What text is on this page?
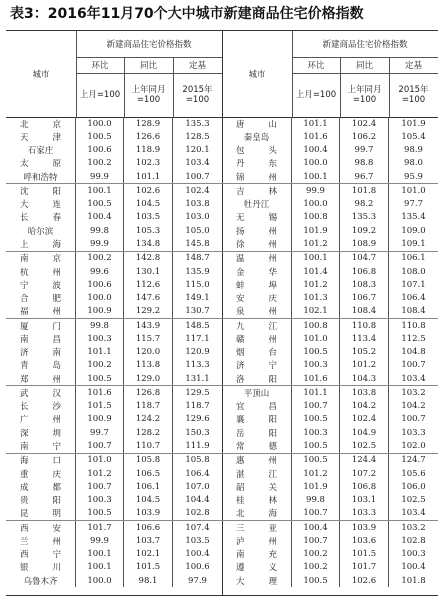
表3：2016年11月70个大中城市新建商品住宅价格指数
城市
新建商品住宅价格指数
环比	同比	定基
上月=100	上年同月=100
2015年=100
城市
新建商品住宅价格指数
环比	同比	定基
上月=100	上年同月=100
2015年=100
北	京	100.0	128.9	135.3
天	津	100.5	126.6	128.5
石家庄	100.6	118.9	120.1
太	原	100.2	102.3	103.4
呼和浩特	99.9	101.1	100.7
沈	阳	100.1	102.6	102.4
大	连	100.5	104.5	103.8
长	春	100.4	103.5	103.0
哈尔滨	99.8	105.3	105.0
上	海	99.9	134.8	145.8
南	京	100.2	142.8	148.7
杭	州	99.6	130.1	135.9
宁	波	100.6	112.6	115.0
合	肥	100.0	147.6	149.1
福	州	100.9	129.2	130.7
厦	门	99.8	143.9	148.5
南	昌	100.3	115.7	117.1
济	南	101.1	120.0	120.9
青	岛	100.2	113.8	113.3
郑	州	100.5	129.0	131.1
武	汉	101.6	126.8	129.5
长	沙	101.5	118.7	118.7
广	州	100.9	124.2	129.6
深	圳	99.7	128.2	150.3
南	宁	100.7	110.7	111.9
海	口	101.0	105.8	105.8
重	庆	101.2	106.5	106.4
成	都	100.7	106.1	107.0
贵	阳	100.3	104.5	104.4
昆	明	100.5	103.9	102.8
西	安	101.7	106.6	107.4
兰	州	99.9	103.7	103.5
西	宁	100.1	102.1	100.4
银	川	100.1	101.5	100.6
乌鲁木齐	100.0	98.1	97.9
唐	山	101.1	102.4	101.9
秦皇岛	101.6	106.2	105.4
包	头	100.4	99.7	98.9
丹	东	100.0	98.8	98.0
锦	州	100.1	96.7	95.9
吉	林	99.9	101.8	101.0
牡丹江	100.0	98.2	97.7
无	锡	100.8	135.3	135.4
扬	州	101.9	109.2	109.0
徐	州	101.2	108.9	109.1
温	州	100.1	104.7	106.1
金	华	101.4	106.8	108.0
蚌	埠	101.2	108.3	107.1
安	庆	101.3	106.7	106.4
泉	州	102.1	108.4	108.4
九	江	100.8	110.8	110.8
赣	州	101.0	113.4	112.5
烟	台	100.5	105.2	104.8
济	宁	100.3	101.2	100.7
洛	阳	101.6	104.3	103.4
平顶山	101.1	103.8	103.2
宜	昌	100.7	104.2	104.2
襄	阳	100.5	102.4	100.7
岳	阳	100.3	104.9	103.3
常	德	100.5	102.5	102.0
惠	州	100.5	124.4	124.7
湛	江	101.2	107.2	105.6
韶	关	101.9	106.8	106.0
桂	林	99.8	103.1	102.5
北	海	100.7	103.3	103.4
三	亚	100.4	103.9	103.2
泸	州	100.7	103.6	102.8
南	充	100.2	101.5	100.3
遵	义	100.2	101.7	100.4
大	理	100.5	102.6	101.8
